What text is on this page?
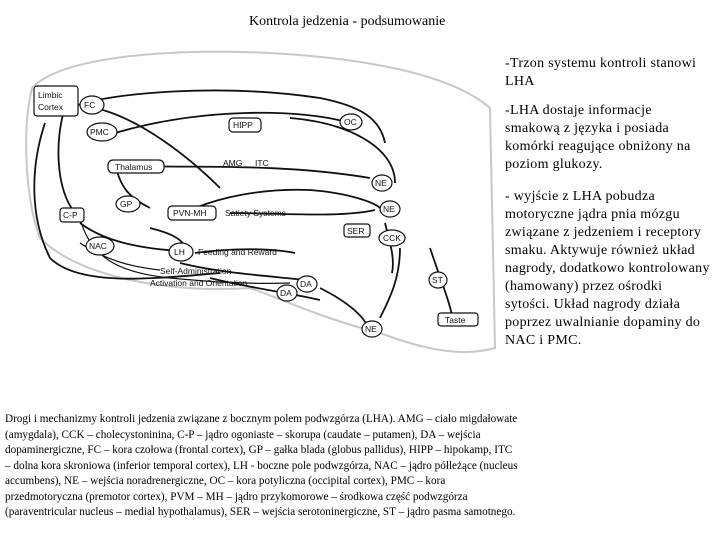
Kontrola jedzenia - podsumowanie
Limbic
Cortex FC
PMC
Thalamus
C-P
GP
NAC
HIPP	OC
AMG ITC
NE
PVN-MH Satiety Systems	NE
SER
CCK
LH Feeding and Reward
Self-Administration
Activation and Orientation	DA
DA
ST
Taste
NE

-Trzon systemu kontroli stanowi LHA

-LHA dostaje informacje smakową z języka i posiada komórki reagujące obniżony na poziom glukozy.

- wyjście z LHA pobudza motoryczne jądra pnia mózgu związane z jedzeniem i receptory smaku. Aktywuje również układ nagrody, dodatkowo kontrolowany (hamowany) przez ośrodki sytości. Układ nagrody działa poprzez uwalnianie dopaminy do NAC i PMC.

Drogi i mechanizmy kontroli jedzenia związane z bocznym polem podwzgórza (LHA). AMG – ciało migdałowate (amygdala), CCK – cholecystoninina, C-P – jądro ogoniaste – skorupa (caudate – putamen), DA – wejścia dopaminergiczne, FC – kora czołowa (frontal cortex), GP – gałka blada (globus pallidus), HIPP – hipokamp, ITC – dolna kora skroniowa (inferior temporal cortex), LH - boczne pole podwzgórza, NAC – jądro półleżące (nucleus accumbens), NE – wejścia noradrenergiczne, OC – kora potyliczna (occipital cortex), PMC – kora przedmotoryczna (premotor cortex), PVM – MH – jądro przykomorowe – środkowa część podwzgórza (paraventricular nucleus – medial hypothalamus), SER – wejścia serotoninergiczne, ST – jądro pasma samotnego.
